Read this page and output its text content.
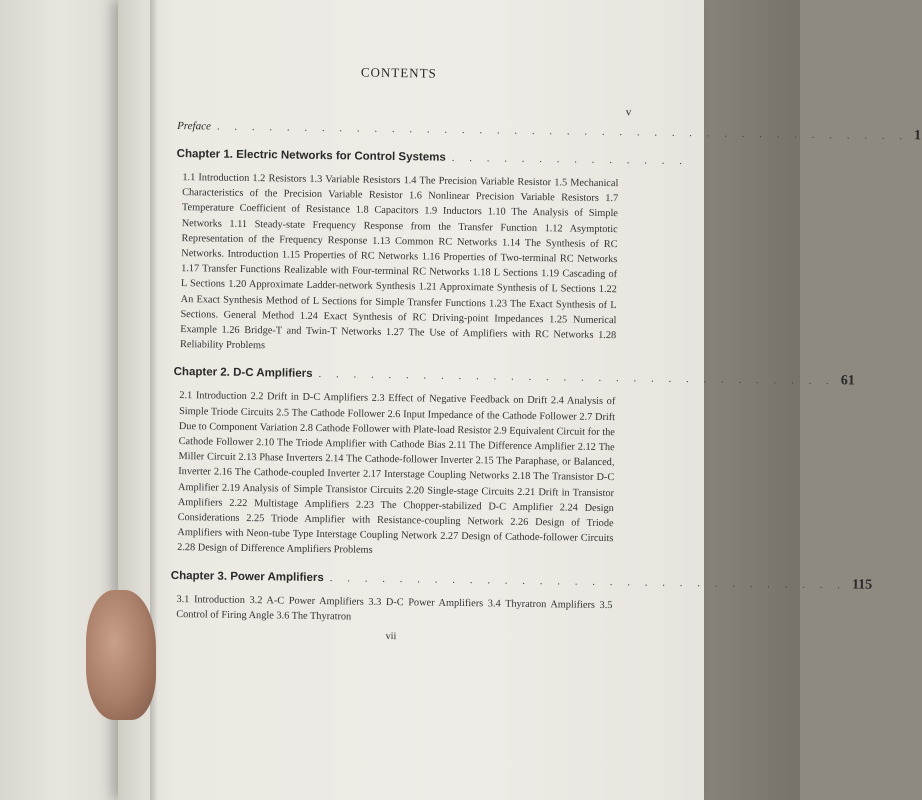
CONTENTS
v
Preface . . . . . . . . . . . . . . . . . . . . . . . . . . . . . . . . . . . . . . . . 1
Chapter 1. Electric Networks for Control Systems . . . . . . . . . . . . . .
1.1 Introduction 1.2 Resistors 1.3 Variable Resistors 1.4 The Precision Variable Resistor 1.5 Mechanical Characteristics of the Precision Variable Resistor 1.6 Nonlinear Precision Variable Resistors 1.7 Temperature Coefficient of Resistance 1.8 Capacitors 1.9 Inductors 1.10 The Analysis of Simple Networks 1.11 Steady-state Frequency Response from the Transfer Function 1.12 Asymptotic Representation of the Frequency Response 1.13 Common RC Networks 1.14 The Synthesis of RC Networks. Introduction 1.15 Properties of RC Networks 1.16 Properties of Two-terminal RC Networks 1.17 Transfer Functions Realizable with Four-terminal RC Networks 1.18 L Sections 1.19 Cascading of L Sections 1.20 Approximate Ladder-network Synthesis 1.21 Approximate Synthesis of L Sections 1.22 An Exact Synthesis Method of L Sections for Simple Transfer Functions 1.23 The Exact Synthesis of L Sections. General Method 1.24 Exact Synthesis of RC Driving-point Impedances 1.25 Numerical Example 1.26 Bridge-T and Twin-T Networks 1.27 The Use of Amplifiers with RC Networks 1.28 Reliability Problems
Chapter 2. D-C Amplifiers . . . . . . . . . . . . . . . . . . . . . . . . . . . . . . 61
2.1 Introduction 2.2 Drift in D-C Amplifiers 2.3 Effect of Negative Feedback on Drift 2.4 Analysis of Simple Triode Circuits 2.5 The Cathode Follower 2.6 Input Impedance of the Cathode Follower 2.7 Drift Due to Component Variation 2.8 Cathode Follower with Plate-load Resistor 2.9 Equivalent Circuit for the Cathode Follower 2.10 The Triode Amplifier with Cathode Bias 2.11 The Difference Amplifier 2.12 The Miller Circuit 2.13 Phase Inverters 2.14 The Cathode-follower Inverter 2.15 The Paraphase, or Balanced, Inverter 2.16 The Cathode-coupled Inverter 2.17 Interstage Coupling Networks 2.18 The Transistor D-C Amplifier 2.19 Analysis of Simple Transistor Circuits 2.20 Single-stage Circuits 2.21 Drift in Transistor Amplifiers 2.22 Multistage Amplifiers 2.23 The Chopper-stabilized D-C Amplifier 2.24 Design Considerations 2.25 Triode Amplifier with Resistance-coupling Network 2.26 Design of Triode Amplifiers with Neon-tube Type Interstage Coupling Network 2.27 Design of Cathode-follower Circuits 2.28 Design of Difference Amplifiers Problems
Chapter 3. Power Amplifiers . . . . . . . . . . . . . . . . . . . . . . . . . . . . . . 115
3.1 Introduction 3.2 A-C Power Amplifiers 3.3 D-C Power Amplifiers 3.4 Thyratron Amplifiers 3.5 Control of Firing Angle 3.6 The Thyratron
vii
